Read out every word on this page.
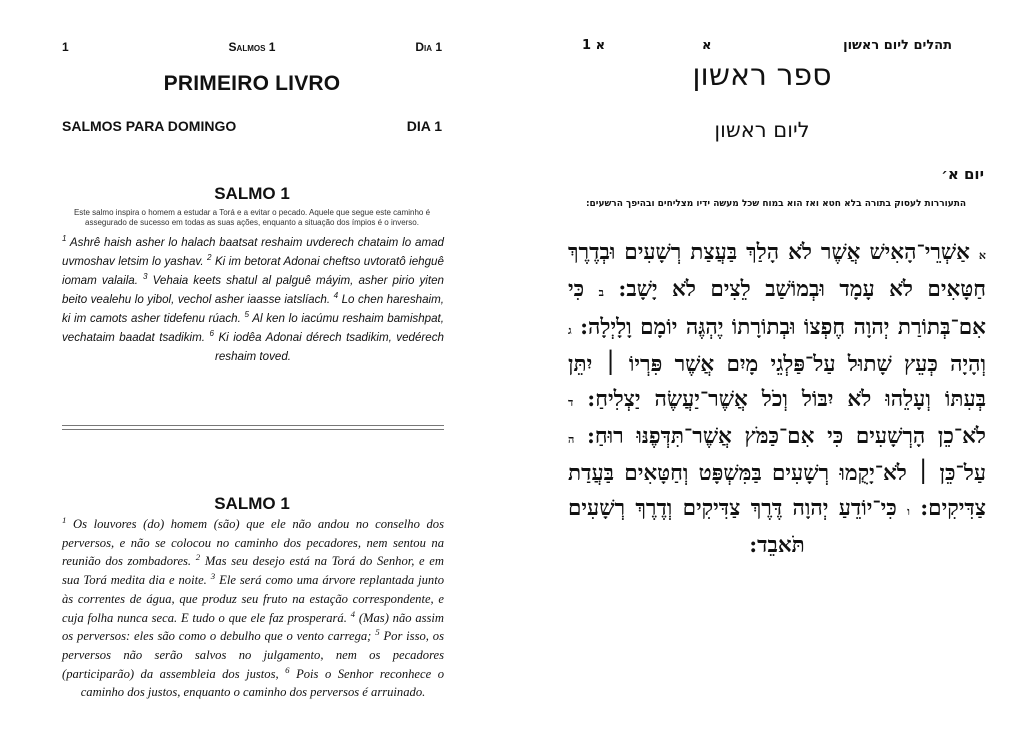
1	Salmos 1	Dia 1
PRIMEIRO LIVRO
SALMOS PARA DOMINGO	DIA 1
SALMO 1
Este salmo inspira o homem a estudar a Torá e a evitar o pecado. Aquele que segue este caminho é assegurado de sucesso em todas as suas ações, enquanto a situação dos ímpios é o inverso.

$^1$ Ashrê haish asher lo halach baatsat reshaim uvderech chataim lo amad uvmoshav letsim lo yashav. $^2$ Ki im betorat Adonai cheftso uvtoratô iehguê iomam valaila. $^3$ Vehaia keets shatul al palguê máyim, asher pirio yiten beito vealehu lo yibol, vechol asher iaasse iatslíach. $^4$ Lo chen hareshaim, ki im camots asher tidefenu rúach. $^5$ Al ken lo iacúmu reshaim bamishpat, vechataim baadat tsadikim. $^6$ Ki iodêa Adonai dérech tsadikim, vedérech reshaim toved.

SALMO 1

$^1$ Os louvores (do) homem (são) que ele não andou no conselho dos perversos, e não se colocou no caminho dos pecadores, nem sentou na reunião dos zombadores. $^2$ Mas seu desejo está na Torá do Senhor, e em sua Torá medita dia e noite. $^3$ Ele será como uma árvore replantada junto às correntes de água, que produz seu fruto na estação correspondente, e cuja folha nunca seca. E tudo o que ele faz prosperará. $^4$ (Mas) não assim os perversos: eles são como o debulho que o vento carrega; $^5$ Por isso, os perversos não serão salvos no julgamento, nem os pecadores (participarão) da assembleia dos justos, $^6$ Pois o Senhor reconhece o caminho dos justos, enquanto o caminho dos perversos é arruinado.

1 א	א	תהלים ליום ראשון
ספר ראשון
ליום ראשון
יום א׳

התעוררות לעסוק בתורה בלא חטא ואז הוא במוח שכל מעשה ידיו מצליחים ובהיפך הרשעים:

א אַשְׁרֵי־הָאִישׁ אֲשֶׁר לֹא הָלַךְ בַּעֲצַת רְשָׁעִים וּבְדֶרֶךְ חַטָּאִים לֹא עָמָד וּבְמוֹשַׁב לֵצִים לֹא יָשָׁב: ב כִּי אִם־בְּתוֹרַת יְהוָה חֶפְצוֹ וּבְתוֹרָתוֹ יֶהְגֶּה יוֹמָם וָלָיְלָה: ג וְהָיָה כְּעֵץ שָׁתוּל עַל־פַּלְגֵי מָיִם אֲשֶׁר פִּרְיוֹ ׀ יִתֵּן בְּעִתּוֹ וְעָלֵהוּ לֹא יִבּוֹל וְכֹל אֲשֶׁר־יַעֲשֶׂה יַצְלִיחַ: ד לֹא־כֵן הָרְשָׁעִים כִּי אִם־כַּמֹּץ אֲשֶׁר־תִּדְּפֶנּוּ רוּחַ: ה עַל־כֵּן ׀ לֹא־יָקֻמוּ רְשָׁעִים בַּמִּשְׁפָּט וְחַטָּאִים בַּעֲדַת צַדִּיקִים: ו כִּי־יוֹדֵעַ יְהוָה דֶּרֶךְ צַדִּיקִים וְדֶרֶךְ רְשָׁעִים תֹּאבֵד:
